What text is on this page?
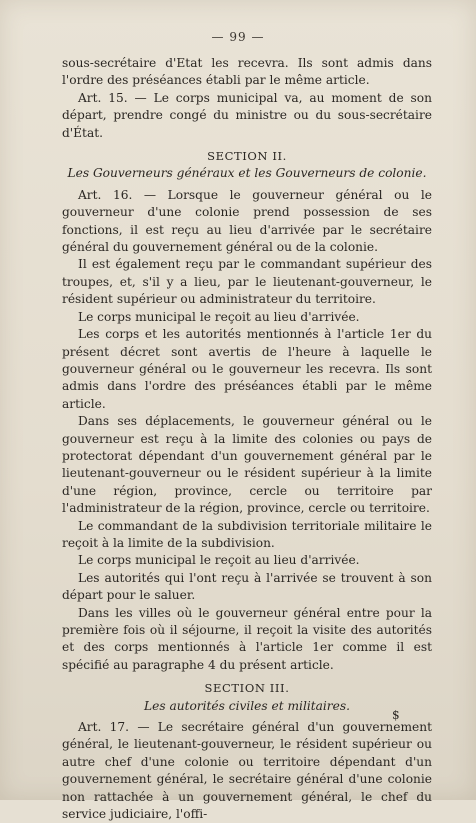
— 99 —

sous-secrétaire d'Etat les recevra. Ils sont admis dans l'ordre des préséances établi par le même article.

Art. 15. — Le corps municipal va, au moment de son départ, prendre congé du ministre ou du sous-secrétaire d'État.

SECTION II.

Les Gouverneurs généraux et les Gouverneurs de colonie.

Art. 16. — Lorsque le gouverneur général ou le gouverneur d'une colonie prend possession de ses fonctions, il est reçu au lieu d'arrivée par le secrétaire général du gouvernement général ou de la colonie.

Il est également reçu par le commandant supérieur des troupes, et, s'il y a lieu, par le lieutenant-gouverneur, le résident supérieur ou administrateur du territoire.

Le corps municipal le reçoit au lieu d'arrivée.

Les corps et les autorités mentionnés à l'article 1er du présent décret sont avertis de l'heure à laquelle le gouverneur général ou le gouverneur les recevra. Ils sont admis dans l'ordre des préséances établi par le même article.

Dans ses déplacements, le gouverneur général ou le gouverneur est reçu à la limite des colonies ou pays de protectorat dépendant d'un gouvernement général par le lieutenant-gouverneur ou le résident supérieur à la limite d'une région, province, cercle ou territoire par l'administrateur de la région, province, cercle ou territoire.

Le commandant de la subdivision territoriale militaire le reçoit à la limite de la subdivision.

Le corps municipal le reçoit au lieu d'arrivée.

Les autorités qui l'ont reçu à l'arrivée se trouvent à son départ pour le saluer.

Dans les villes où le gouverneur général entre pour la première fois où il séjourne, il reçoit la visite des autorités et des corps mentionnés à l'article 1er comme il est spécifié au paragraphe 4 du présent article.

SECTION III.

Les autorités civiles et militaires.

Art. 17. — Le secrétaire général d'un gouvernement général, le lieutenant-gouverneur, le résident supérieur ou autre chef d'une colonie ou territoire dépendant d'un gouvernement général, le secrétaire général d'une colonie non rattachée à un gouvernement général, le chef du service judiciaire, l'offi-

$
